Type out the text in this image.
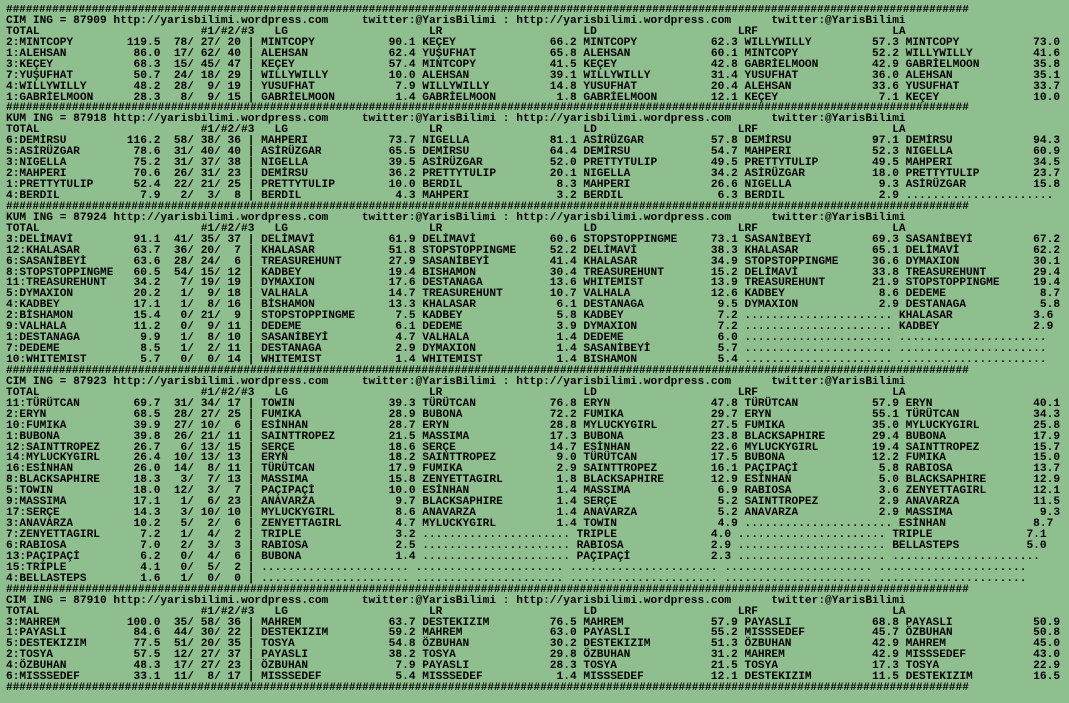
##################################################################################################################################################
CIM ING = 87909 http://yarisbilimi.wordpress.com     twitter:@YarisBilimi : http://yarisbilimi.wordpress.com      twitter:@YarisBilimi
TOTAL                        #1/#2/#3   LG                     LR                     LD                     LRF                    LA
2:MINTCOPY        119.5  78/ 27/ 20 | MINTCOPY           90.1 KEÇEY              66.2 MINTCOPY           62.3 WILLYWILLY         57.3 MINTCOPY           73.0
1:ALEHSAN          86.0  17/ 62/ 40 | ALEHSAN            62.4 YUŞUFHAT           65.8 ALEHSAN            60.1 MINTCOPY           52.2 WILLYWILLY         41.6
3:KEÇEY            68.3  15/ 45/ 47 | KEÇEY              57.4 MINTCOPY           41.5 KEÇEY              42.8 GABRİELMOON        42.9 GABRİELMOON        35.8
7:YUŞUFHAT         50.7  24/ 18/ 29 | WILLYWILLY         10.0 ALEHSAN            39.1 WILLYWILLY         31.4 YUSUFHAT           36.0 ALEHSAN            35.1
4:WILLYWILLY       48.2  28/  9/ 19 | YUSUFHAT            7.9 WILLYWILLY         14.8 YUSUFHAT           20.4 ALEHSAN            33.6 YUSUFHAT           33.7
1:GABRİELMOON      28.3   8/  9/ 15 | GABRİELMOON         1.4 GABRİELMOON         1.8 GABRİELMOON        12.1 KEÇEY               7.1 KEÇEY              10.0
##################################################################################################################################################
KUM ING = 87918 http://yarisbilimi.wordpress.com     twitter:@YarisBilimi : http://yarisbilimi.wordpress.com      twitter:@YarisBilimi
TOTAL                        #1/#2/#3   LG                     LR                     LD                     LRF                    LA
6:DEMİRSU         116.2  58/ 38/ 36 | MAHPERI            73.7 NIGELLA            81.1 ASİRÜZGAR          57.8 DEMİRSU            97.1 DEMİRSU            94.3
5:ASİRÜZGAR        78.6  31/ 40/ 40 | ASİRÜZGAR          65.5 DEMİRSU            64.4 DEMİRSU            54.7 MAHPERI            52.3 NIGELLA            60.9
3:NIGELLA          75.2  31/ 37/ 38 | NIGELLA            39.5 ASİRÜZGAR          52.0 PRETTYTULIP        49.5 PRETTYTULIP        49.5 MAHPERI            34.5
2:MAHPERI          70.6  26/ 31/ 23 | DEMİRSU            36.2 PRETTYTULIP        20.1 NIGELLA            34.2 ASİRÜZGAR          18.0 PRETTYTULIP        23.7
1:PRETTYTULIP      52.4  22/ 21/ 25 | PRETTYTULIP        10.0 BERDIL              8.3 MAHPERI            26.6 NIGELLA             9.3 ASİRÜZGAR          15.8
4:BERDIL            7.9   2/  3/  8 | BERDIL              4.3 MAHPERI             3.2 BERDIL              6.3 BERDIL              2.9 ......................
##################################################################################################################################################
KUM ING = 87924 http://yarisbilimi.wordpress.com     twitter:@YarisBilimi : http://yarisbilimi.wordpress.com      twitter:@YarisBilimi
TOTAL                        #1/#2/#3   LG                     LR                     LD                     LRF                    LA
3:DELİMAVİ         91.1  41/ 35/ 37 | DELİMAVİ           61.9 DELİMAVİ           60.6 STOPSTOPPINGME     73.1 SASANİBEYİ         69.3 SASANİBEYİ         67.2
12:KHALASAR        63.7  36/ 20/  7 | KHALASAR           51.8 STOPSTOPPINGME     52.2 DELİMAVİ           38.3 KHALASAR           65.1 DELİMAVİ           62.2
6:SASANİBEYİ       63.6  28/ 24/  6 | TREASUREHUNT       27.9 SASANİBEYİ         41.4 KHALASAR           34.9 STOPSTOPPINGME     36.6 DYMAXION           30.1
8:STOPSTOPPINGME   60.5  54/ 15/ 12 | KADBEY             19.4 BISHAMON           30.4 TREASUREHUNT       15.2 DELİMAVİ           33.8 TREASUREHUNT       29.4
11:TREASUREHUNT    34.2   7/ 19/ 19 | DYMAXION           17.6 DESTANAGA          13.6 WHITEMIST          13.9 TREASUREHUNT       21.9 STOPSTOPPINGME     19.4
5:DYMAXION         20.2   1/  9/ 18 | VALHALA            14.7 TREASUREHUNT       10.7 VALHALA            12.6 KADBEY              8.6 DEDEME              8.7
4:KADBEY           17.1   1/  8/ 16 | BİSHAMON           13.3 KHALASAR            6.1 DESTANAGA           9.5 DYMAXION            2.9 DESTANAGA           5.8
2:BİSHAMON         15.4   0/ 21/  9 | STOPSTOPPINGME      7.5 KADBEY              5.8 KADBEY              7.2 ...................... KHALASAR            3.6
9:VALHALA          11.2   0/  9/ 11 | DEDEME              6.1 DEDEME              3.9 DYMAXION            7.2 ...................... KADBEY              2.9
1:DESTANAGA         9.9   1/  8/ 10 | SASANİBEYİ          4.7 VALHALA             1.4 DEDEME              6.0 ...................... ......................
7:DEDEME            8.5   1/  2/ 11 | DESTANAGA           2.9 DYMAXION            1.4 SASANİBEYİ          5.7 ...................... ......................
10:WHITEMIST        5.7   0/  0/ 14 | WHITEMIST           1.4 WHITEMIST           1.4 BISHAMON            5.4 ...................... ......................
##################################################################################################################################################
CIM ING = 87923 http://yarisbilimi.wordpress.com     twitter:@YarisBilimi : http://yarisbilimi.wordpress.com      twitter:@YarisBilimi
TOTAL                        #1/#2/#3   LG                     LR                     LD                     LRF                    LA
11:TÜRÜTCAN        69.7  31/ 34/ 17 | TOWIN              39.3 TÜRÜTCAN           76.8 ERYN               47.8 TÜRÜTCAN           57.9 ERYN               40.1
2:ERYN             68.5  28/ 27/ 25 | FUMIKA             28.9 BUBONA             72.2 FUMIKA             29.7 ERYN               55.1 TÜRÜTCAN           34.3
10:FUMIKA          39.9  27/ 10/  6 | ESİNHAN            28.7 ERYN               28.8 MYLUCKYGIRL        27.5 FUMIKA             35.0 MYLUCKYGIRL        25.8
1:BUBONA           39.8  26/ 21/ 11 | SAINTTROPEZ        21.5 MASSIMA            17.3 BUBONA             23.8 BLACKSAPHIRE       29.4 BUBONA             17.9
12:SAINTTROPEZ     26.7   6/ 13/ 15 | SERÇE              18.6 SERÇE              14.7 ESİNHAN            22.6 MYLUCKYGIRL        19.4 SAINTTROPEZ        15.7
14:MYLUCKYGIRL     26.4  10/ 13/ 13 | ERYN               18.2 SAINTTROPEZ         9.0 TÜRÜTCAN           17.5 BUBONA             12.2 FUMIKA             15.0
16:ESİNHAN         26.0  14/  8/ 11 | TÜRÜTCAN           17.9 FUMIKA              2.9 SAINTTROPEZ        16.1 PAÇIPAÇİ            5.8 RABIOSA            13.7
8:BLACKSAPHIRE     18.3   3/  7/ 13 | MASSIMA            15.8 ZENYETTAGIRL        1.8 BLACKSAPHIRE       12.9 ESİNHAN             5.0 BLACKSAPHIRE       12.9
5:TOWIN            18.0  12/  3/  7 | PAÇIPAÇİ           10.0 ESİNHAN             1.4 MASSIMA             6.9 RABIOSA             3.6 ZENYETTAGIRL       12.1
9:MASSIMA          17.1   1/  6/ 23 | ANAVARZA            9.7 BLACKSAPHIRE        1.4 SERÇE               5.2 SAINTTROPEZ         2.9 ANAVARZA           11.5
17:SERÇE           14.3   3/ 10/ 10 | MYLUCKYGIRL         8.6 ANAVARZA            1.4 ANAVARZA            5.2 ANAVARZA            2.9 MASSIMA             9.3
3:ANAVARZA         10.2   5/  2/  6 | ZENYETTAGIRL        4.7 MYLUCKYGIRL         1.4 TOWIN               4.9 ...................... ESİNHAN             8.7
7:ZENYETTAGIRL      7.2   1/  4/  2 | TRIPLE              3.2 ...................... TRIPLE              4.0 ...................... TRIPLE              7.1
6:RABIOSA           7.0   2/  3/  3 | RABIOSA             2.5 ...................... RABIOSA             2.9 ...................... BELLASTEPS          5.0
13:PAÇIPAÇİ         6.2   0/  4/  6 | BUBONA              1.4 ...................... PAÇIPAÇİ            2.3 ...................... ......................
15:TRIPLE           4.1   0/  5/  2 | ...................... ...................... ...................... ...................... ......................
4:BELLASTEPS        1.6   1/  0/  0 | ...................... ...................... ...................... ...................... ......................
##################################################################################################################################################
CIM ING = 87910 http://yarisbilimi.wordpress.com     twitter:@YarisBilimi : http://yarisbilimi.wordpress.com      twitter:@YarisBilimi
TOTAL                        #1/#2/#3   LG                     LR                     LD                     LRF                    LA
3:MAHREM          100.0  35/ 58/ 36 | MAHREM             63.7 DESTEKIZIM         76.5 MAHREM             57.9 PAYASLI            68.8 PAYASLI            50.9
1:PAYASLI          84.6  44/ 30/ 22 | DESTEKIZIM         59.2 MAHREM             63.0 PAYASLI            55.2 MISSSEDEF          45.7 ÖZBUHAN            50.8
5:DESTEKIZIM       77.5  51/ 20/ 35 | TOSYA              54.8 ÖZBUHAN            30.2 DESTEKIZIM         51.3 ÖZBUHAN            42.9 MAHREM             45.0
2:TOSYA            57.5  12/ 27/ 37 | PAYASLI            38.2 TOSYA              29.8 ÖZBUHAN            31.2 MAHREM             42.9 MISSSEDEF          43.0
4:ÖZBUHAN          48.3  17/ 27/ 23 | ÖZBUHAN             7.9 PAYASLI            28.3 TOSYA              21.5 TOSYA              17.3 TOSYA              22.9
6:MISSSEDEF        33.1  11/  8/ 17 | MISSSEDEF           5.4 MISSSEDEF           1.4 MISSSEDEF          12.1 DESTEKIZIM         11.5 DESTEKIZIM         16.5
##################################################################################################################################################
